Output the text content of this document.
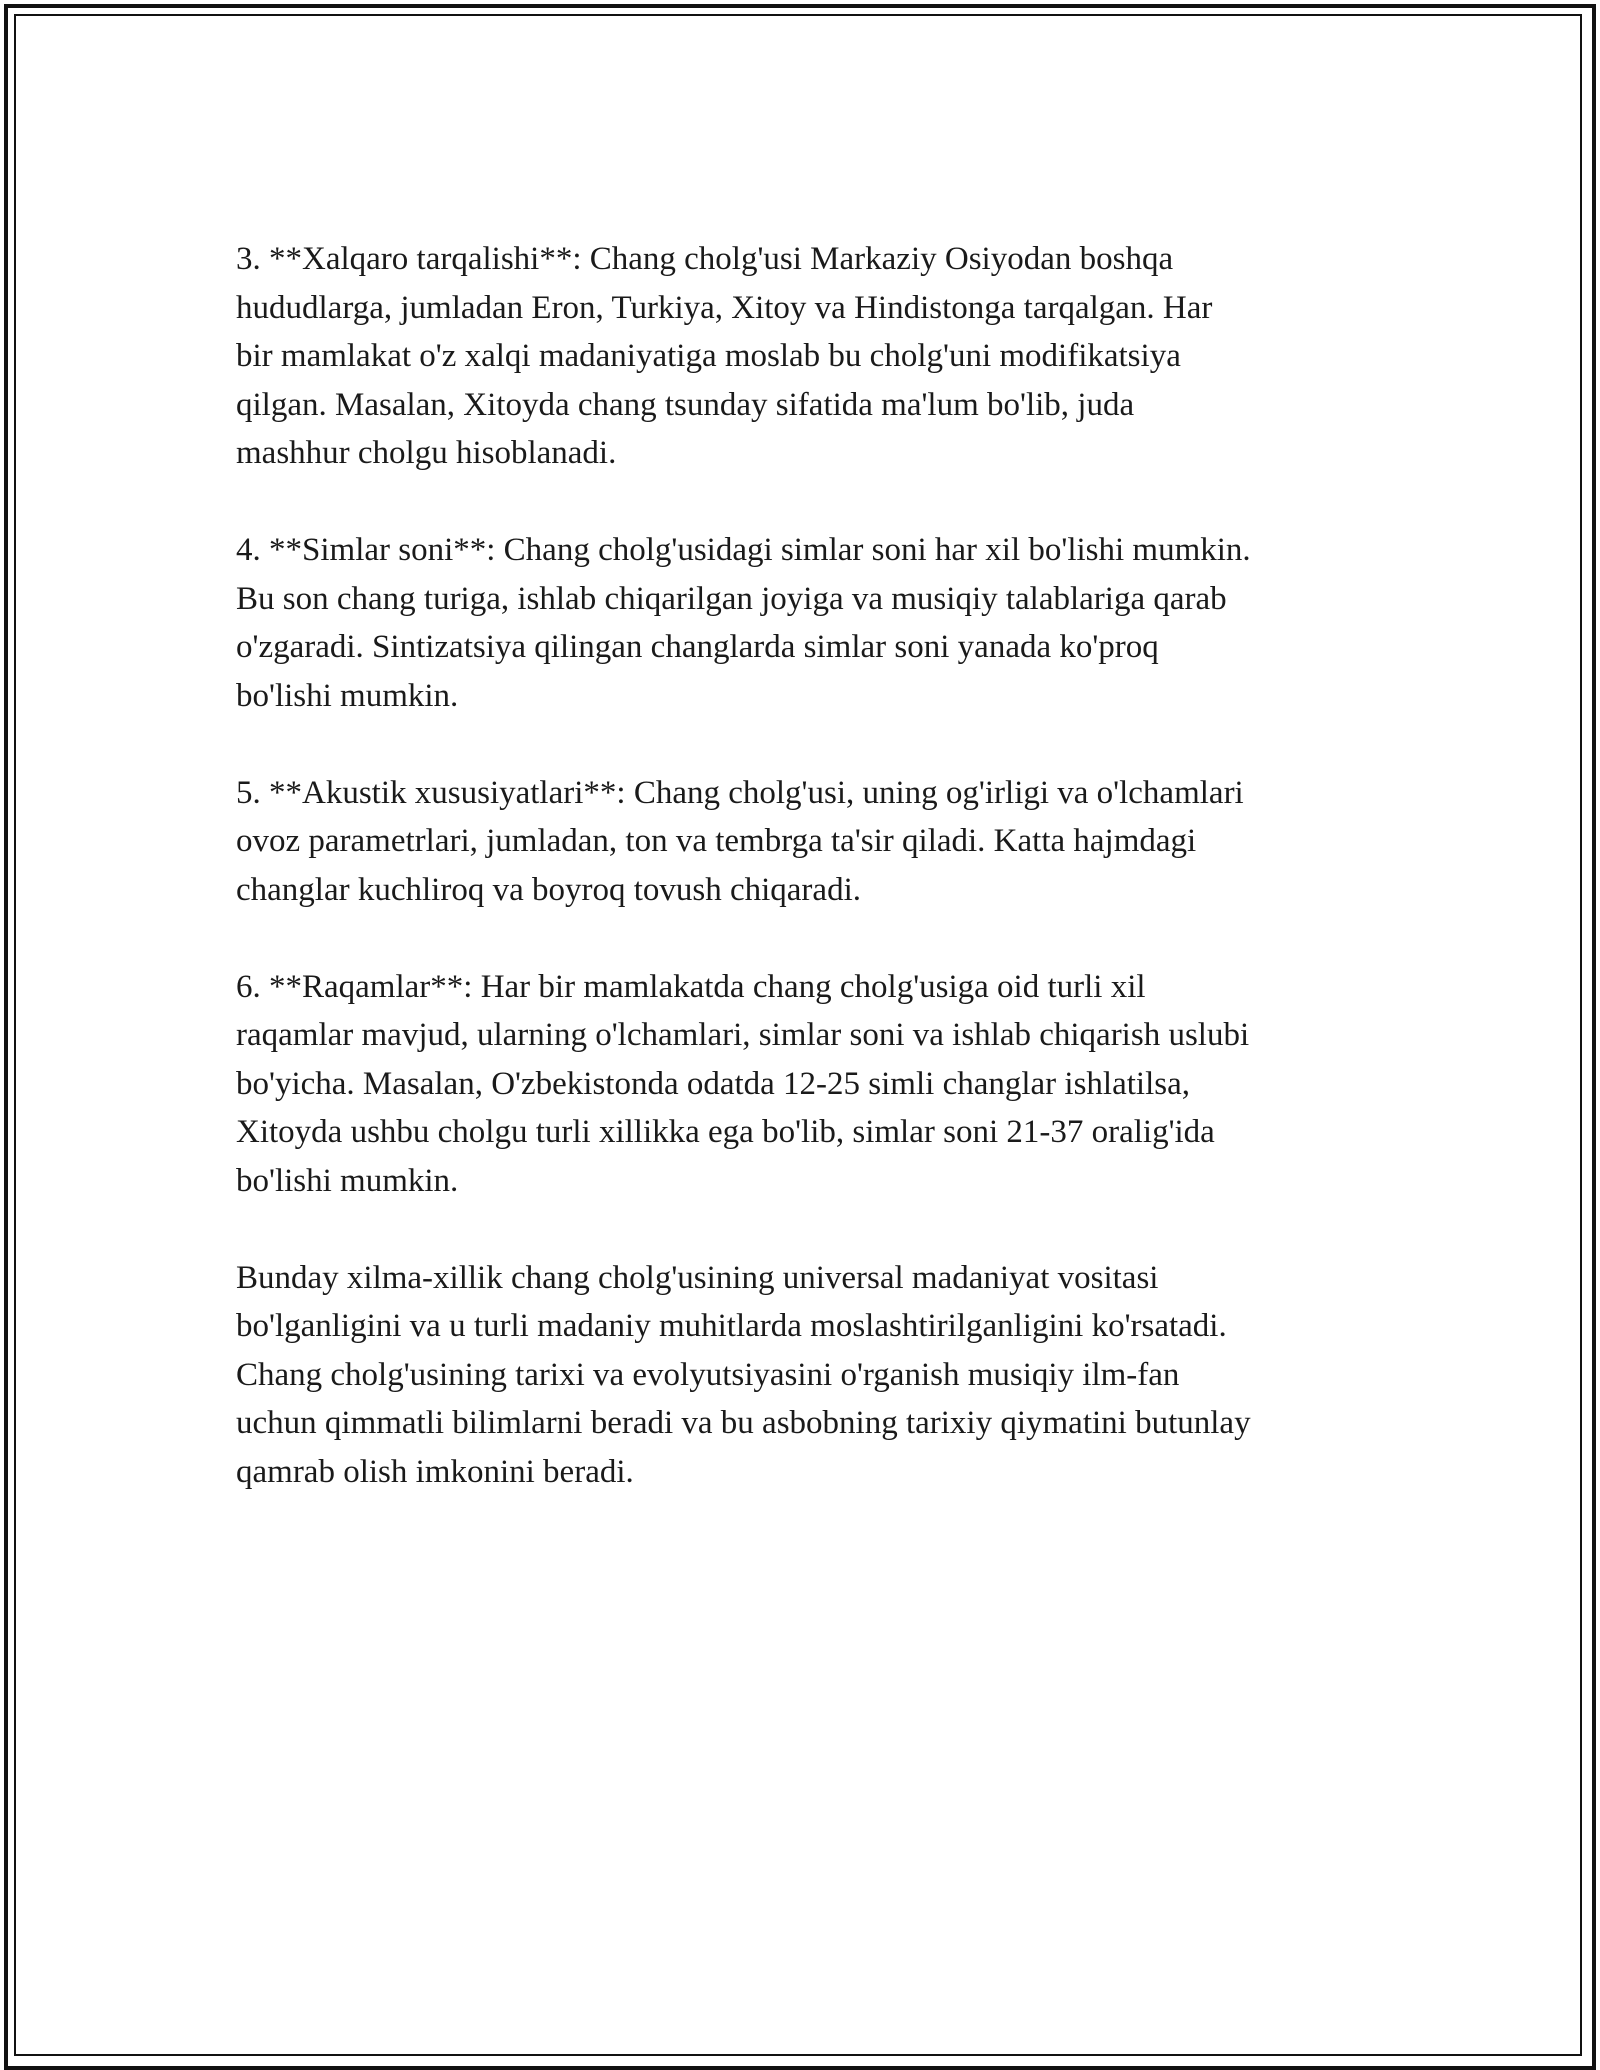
3. **Xalqaro tarqalishi**: Chang cholg'usi Markaziy Osiyodan boshqa
hududlarga, jumladan Eron, Turkiya, Xitoy va Hindistonga tarqalgan. Har
bir mamlakat o'z xalqi madaniyatiga moslab bu cholg'uni modifikatsiya
qilgan. Masalan, Xitoyda chang tsunday sifatida ma'lum bo'lib, juda
mashhur cholgu hisoblanadi.

4. **Simlar soni**: Chang cholg'usidagi simlar soni har xil bo'lishi mumkin.
Bu son chang turiga, ishlab chiqarilgan joyiga va musiqiy talablariga qarab
o'zgaradi. Sintizatsiya qilingan changlarda simlar soni yanada ko'proq
bo'lishi mumkin.

5. **Akustik xususiyatlari**: Chang cholg'usi, uning og'irligi va o'lchamlari
ovoz parametrlari, jumladan, ton va tembrga ta'sir qiladi. Katta hajmdagi
changlar kuchliroq va boyroq tovush chiqaradi.

6. **Raqamlar**: Har bir mamlakatda chang cholg'usiga oid turli xil
raqamlar mavjud, ularning o'lchamlari, simlar soni va ishlab chiqarish uslubi
bo'yicha. Masalan, O'zbekistonda odatda 12-25 simli changlar ishlatilsa,
Xitoyda ushbu cholgu turli xillikka ega bo'lib, simlar soni 21-37 oralig'ida
bo'lishi mumkin.

Bunday xilma-xillik chang cholg'usining universal madaniyat vositasi
bo'lganligini va u turli madaniy muhitlarda moslashtirilganligini ko'rsatadi.
Chang cholg'usining tarixi va evolyutsiyasini o'rganish musiqiy ilm-fan
uchun qimmatli bilimlarni beradi va bu asbobning tarixiy qiymatini butunlay
qamrab olish imkonini beradi.
